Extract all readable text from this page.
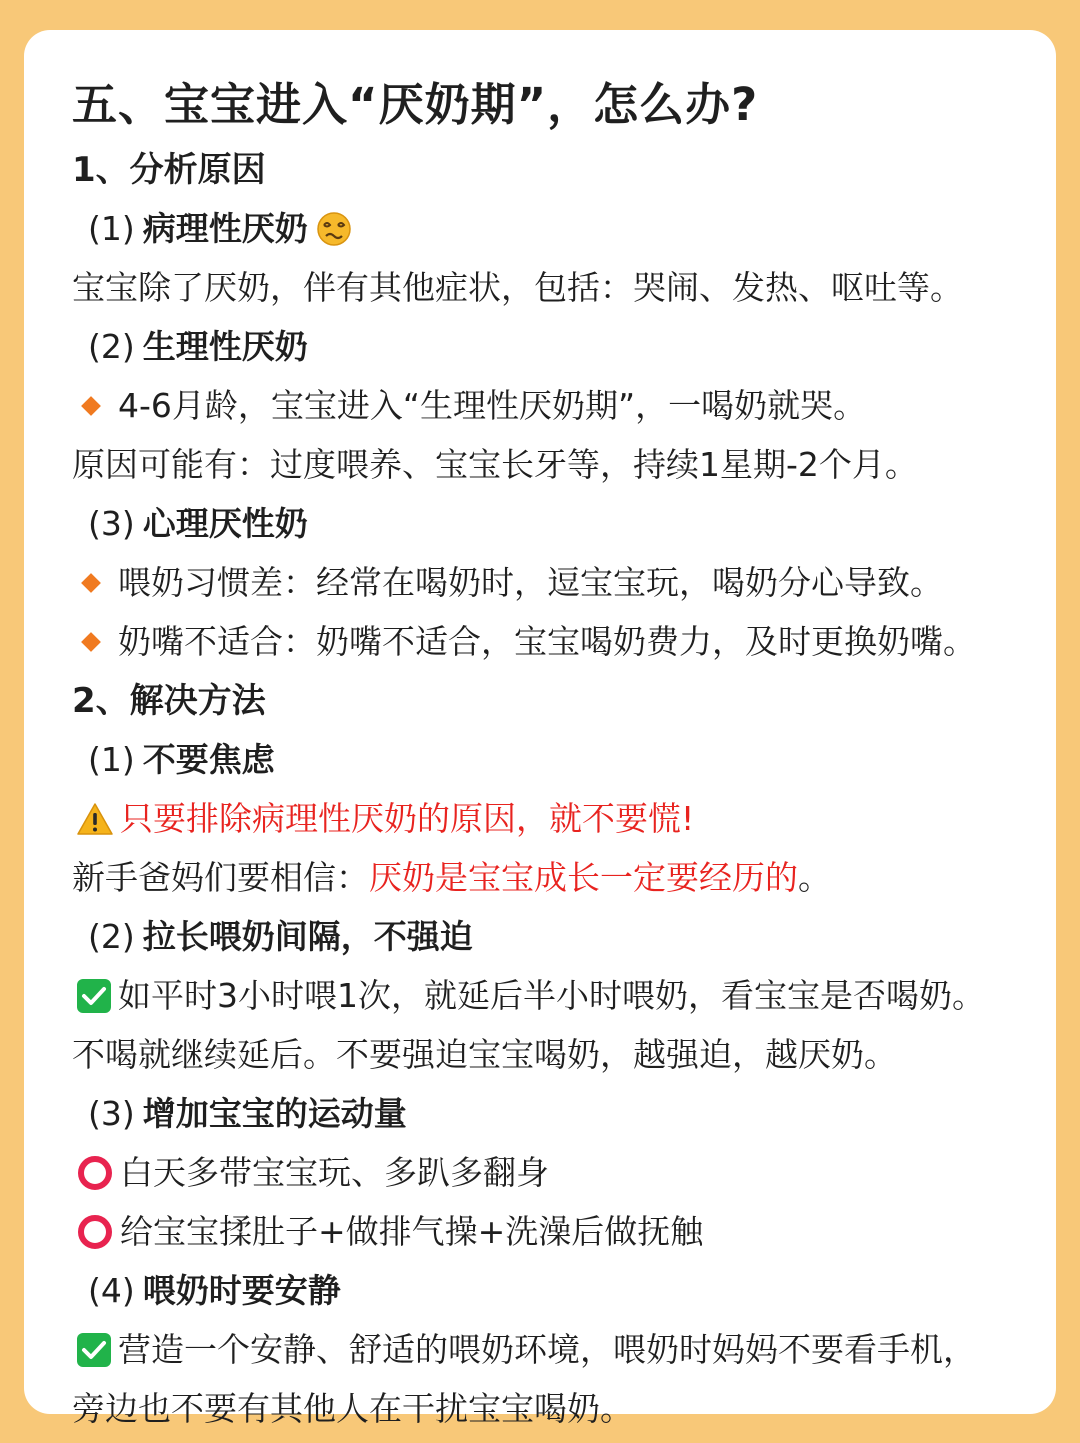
五、宝宝进入“厌奶期”，怎么办?
1、分析原因
(1) 病理性厌奶
宝宝除了厌奶，伴有其他症状，包括：哭闹、发热、呕吐等。
(2) 生理性厌奶
4-6月龄，宝宝进入“生理性厌奶期”，一喝奶就哭。
原因可能有：过度喂养、宝宝长牙等，持续1星期-2个月。
(3) 心理厌性奶
喂奶习惯差：经常在喝奶时，逗宝宝玩，喝奶分心导致。
奶嘴不适合：奶嘴不适合，宝宝喝奶费力，及时更换奶嘴。
2、解决方法
(1) 不要焦虑
只要排除病理性厌奶的原因，就不要慌!
新手爸妈们要相信： 厌奶是宝宝成长一定要经历的 。
(2) 拉长喂奶间隔，不强迫
如平时3小时喂1次，就延后半小时喂奶，看宝宝是否喝奶。
不喝就继续延后。不要强迫宝宝喝奶，越强迫，越厌奶。
(3) 增加宝宝的运动量
白天多带宝宝玩、多趴多翻身
给宝宝揉肚子+做排气操+洗澡后做抚触
(4) 喂奶时要安静
营造一个安静、舒适的喂奶环境，喂奶时妈妈不要看手机，
旁边也不要有其他人在干扰宝宝喝奶。
